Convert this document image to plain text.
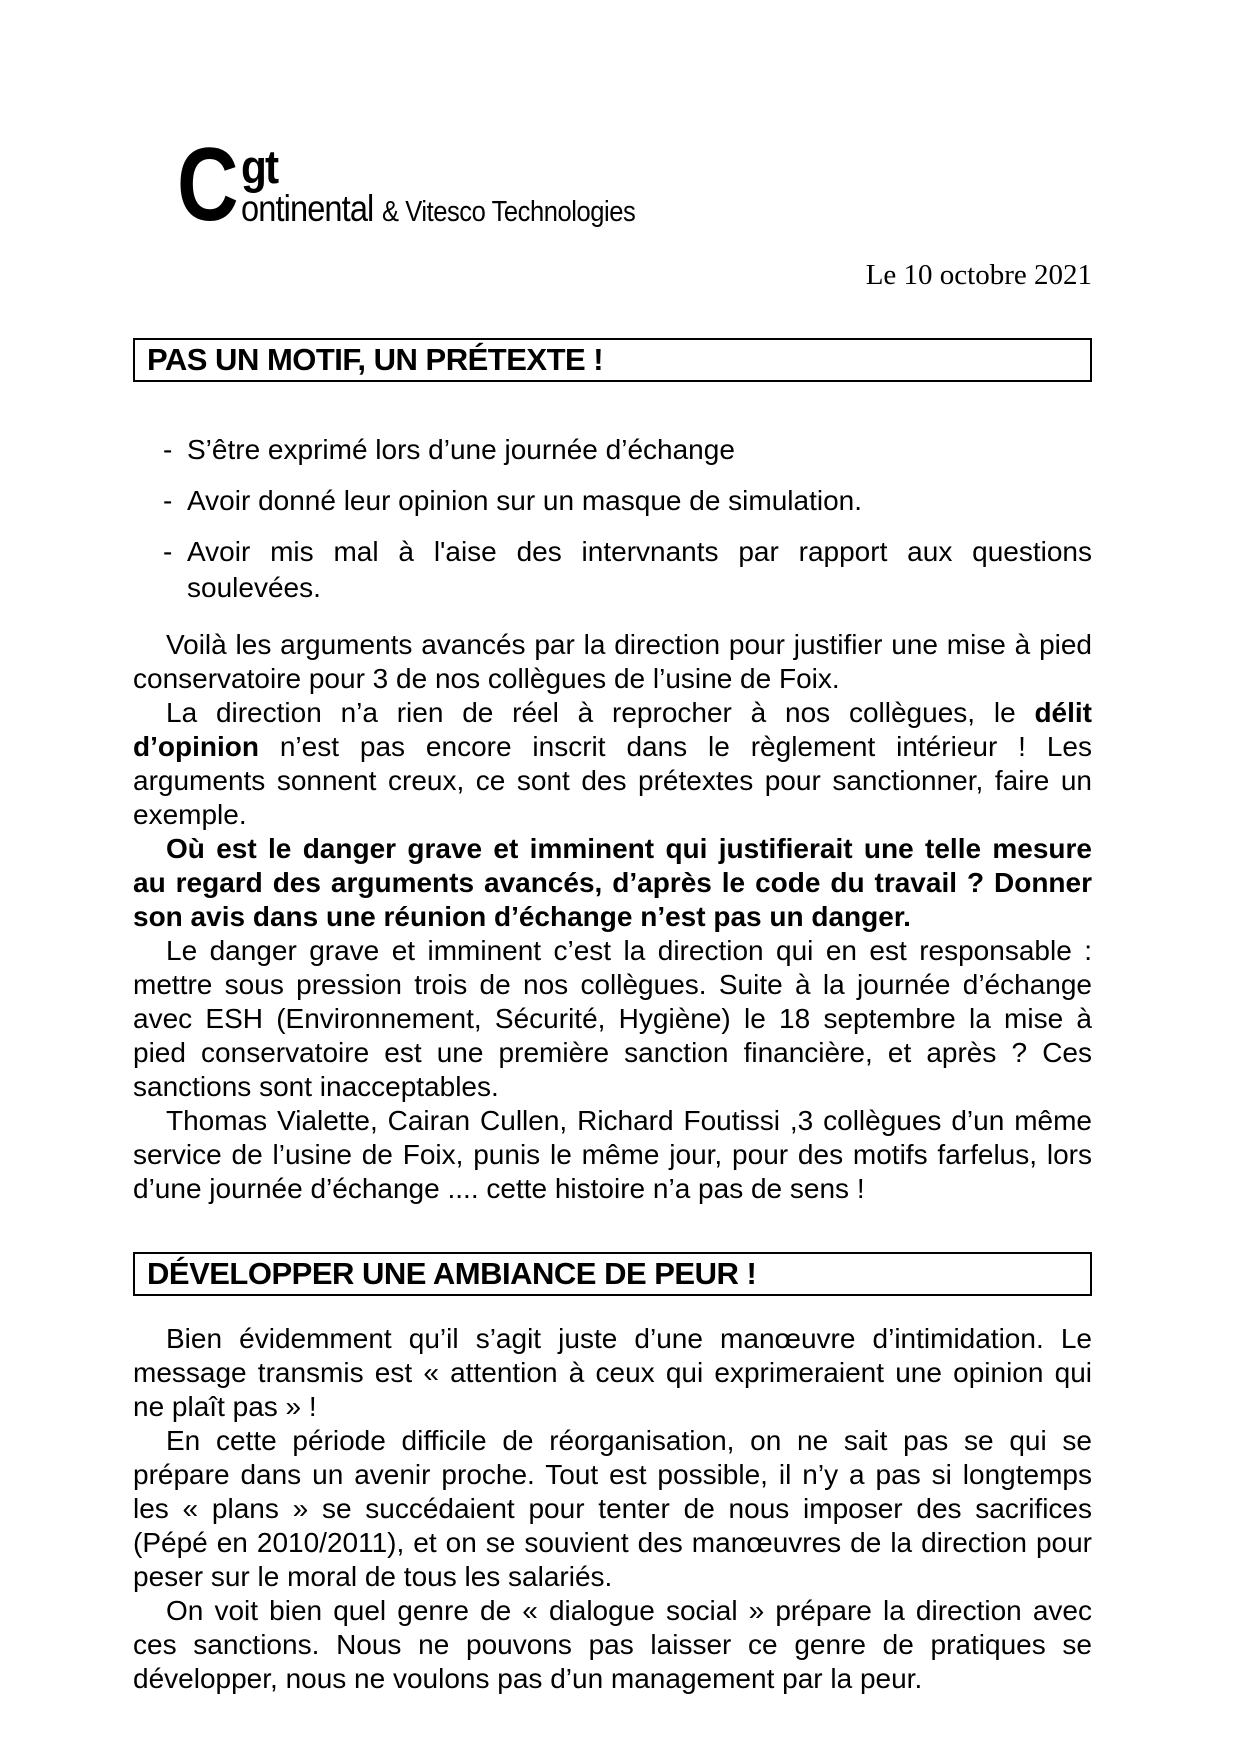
C gt
ontinental   & Vitesco Technologies
Le 10 octobre 2021
PAS UN MOTIF, UN PRÉTEXTE !
- S’être exprimé lors d’une journée d’échange
- Avoir donné leur opinion sur un masque de simulation.
- Avoir mis mal à l'aise des intervnants par rapport aux questions soulevées.

Voilà les arguments avancés par la direction pour justifier une mise à pied conservatoire pour 3 de nos collègues de l’usine de Foix.

La direction n’a rien de réel à reprocher à nos collègues, le délit d’opinion n’est pas encore inscrit dans le règlement intérieur ! Les arguments sonnent creux, ce sont des prétextes pour sanctionner, faire un exemple.

Où est le danger grave et imminent qui justifierait une telle mesure au regard des arguments avancés, d’après le code du travail ? Donner son avis dans une réunion d’échange n’est pas un danger.

Le danger grave et imminent c’est la direction qui en est responsable : mettre sous pression trois de nos collègues. Suite à la journée d’échange avec ESH (Environnement, Sécurité, Hygiène) le 18 septembre la mise à pied conservatoire est une première sanction financière, et après ? Ces sanctions sont inacceptables.

Thomas Vialette, Cairan Cullen, Richard Foutissi ,3 collègues d’un même service de l’usine de Foix, punis le même jour, pour des motifs farfelus, lors d’une journée d’échange .... cette histoire n’a pas de sens !

DÉVELOPPER UNE AMBIANCE DE PEUR !

Bien évidemment qu’il s’agit juste d’une manœuvre d’intimidation. Le message transmis est « attention à ceux qui exprimeraient une opinion qui ne plaît pas » !

En cette période difficile de réorganisation, on ne sait pas se qui se prépare dans un avenir proche. Tout est possible, il n’y a pas si longtemps les « plans » se succédaient pour tenter de nous imposer des sacrifices (Pépé en 2010/2011), et on se souvient des manœuvres de la direction pour peser sur le moral de tous les salariés.

On voit bien quel genre de « dialogue social » prépare la direction avec ces sanctions. Nous ne pouvons pas laisser ce genre de pratiques se développer, nous ne voulons pas d’un management par la peur.
